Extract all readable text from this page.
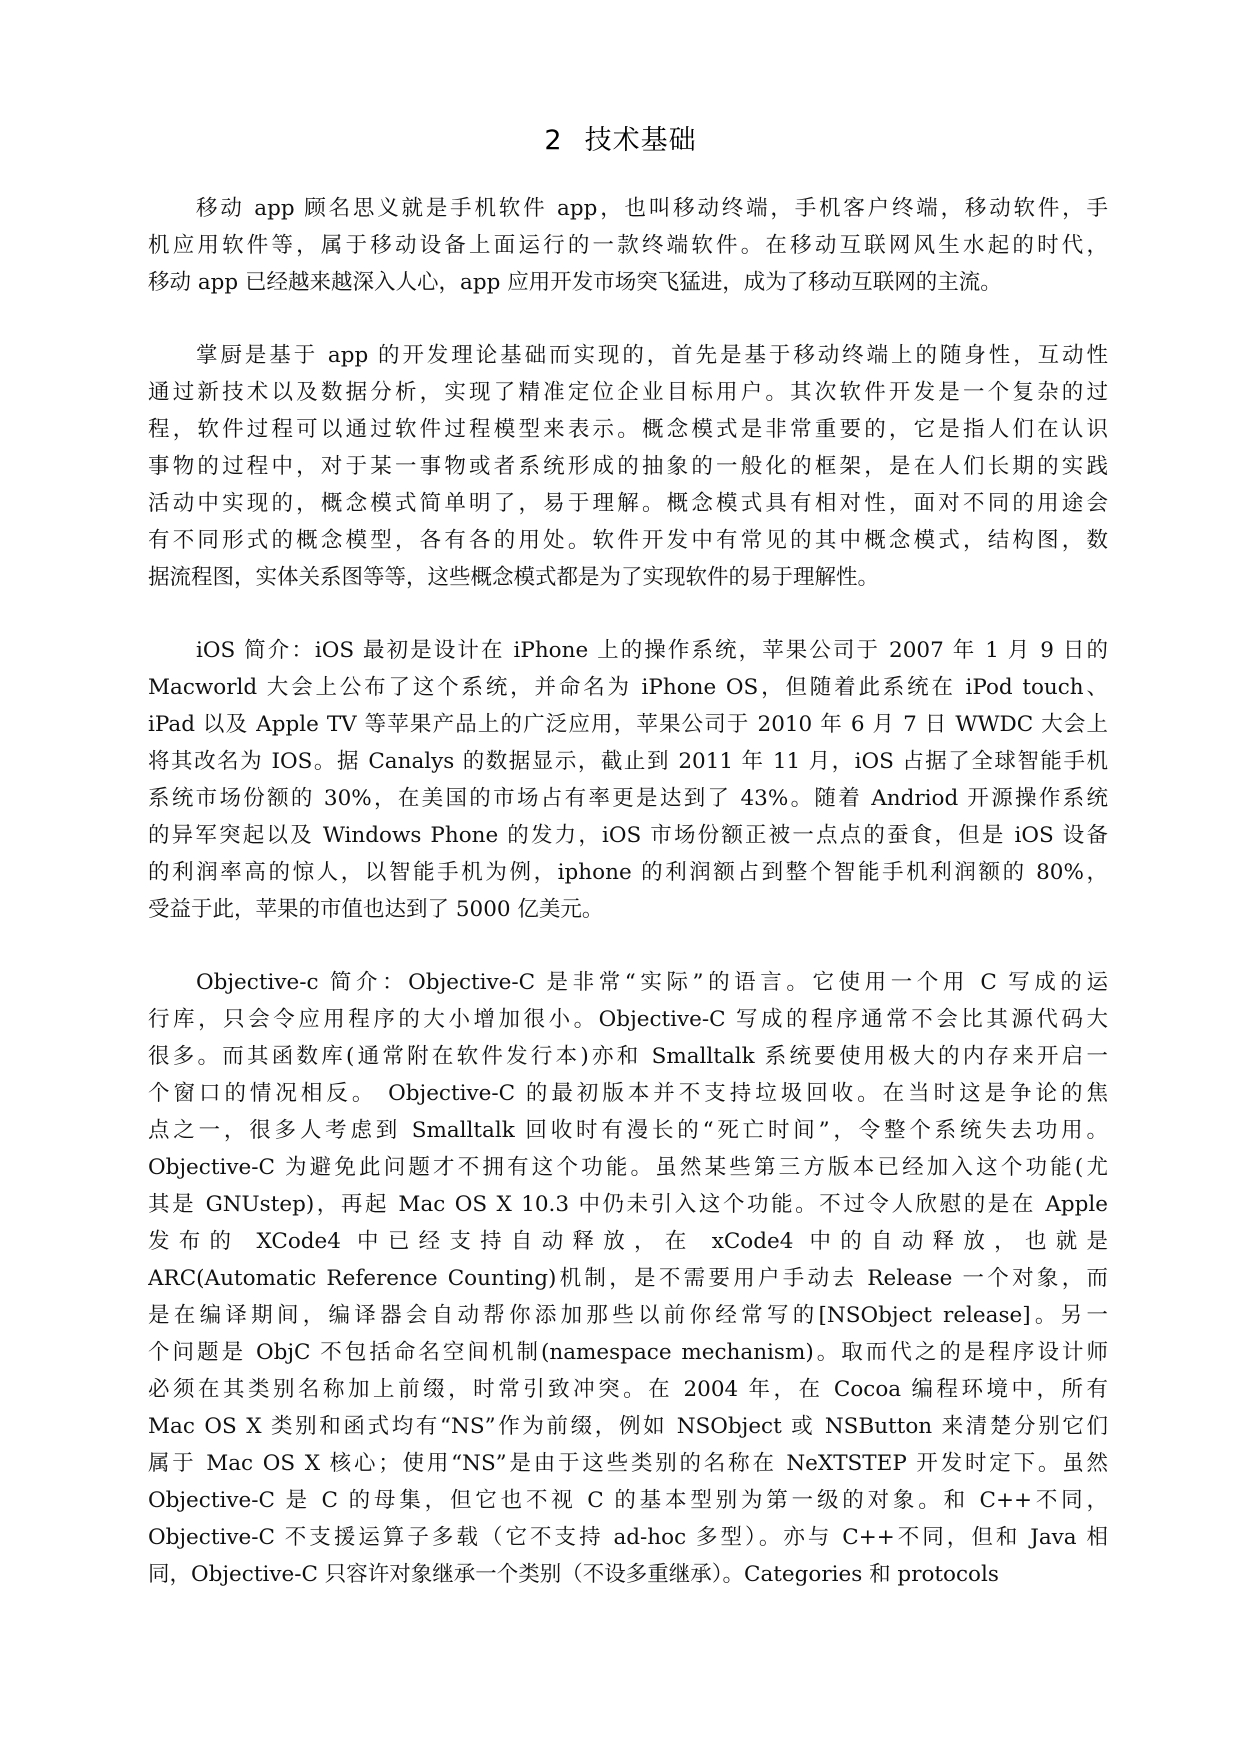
2 技术基础
移动 app 顾名思义就是手机软件 app，也叫移动终端，手机客户终端，移动软件，手
机应用软件等，属于移动设备上面运行的一款终端软件。在移动互联网风生水起的时代，
移动 app 已经越来越深入人心，app 应用开发市场突飞猛进，成为了移动互联网的主流。
掌厨是基于 app 的开发理论基础而实现的，首先是基于移动终端上的随身性，互动性
通过新技术以及数据分析，实现了精准定位企业目标用户。其次软件开发是一个复杂的过
程，软件过程可以通过软件过程模型来表示。概念模式是非常重要的，它是指人们在认识
事物的过程中，对于某一事物或者系统形成的抽象的一般化的框架，是在人们长期的实践
活动中实现的，概念模式简单明了，易于理解。概念模式具有相对性，面对不同的用途会
有不同形式的概念模型，各有各的用处。软件开发中有常见的其中概念模式，结构图，数
据流程图，实体关系图等等，这些概念模式都是为了实现软件的易于理解性。
iOS 简介：iOS 最初是设计在 iPhone 上的操作系统，苹果公司于 2007 年 1 月 9 日的
Macworld 大会上公布了这个系统，并命名为 iPhone OS，但随着此系统在 iPod touch、
iPad 以及 Apple TV 等苹果产品上的广泛应用，苹果公司于 2010 年 6 月 7 日 WWDC 大会上
将其改名为 IOS。据 Canalys 的数据显示，截止到 2011 年 11 月，iOS 占据了全球智能手机
系统市场份额的 30%，在美国的市场占有率更是达到了 43%。随着 Andriod 开源操作系统
的异军突起以及 Windows Phone 的发力，iOS 市场份额正被一点点的蚕食，但是 iOS 设备
的利润率高的惊人，以智能手机为例，iphone 的利润额占到整个智能手机利润额的 80%，
受益于此，苹果的市值也达到了 5000 亿美元。
Objective-c 简介：Objective-C 是非常“实际”的语言。它使用一个用 C 写成的运
行库，只会令应用程序的大小增加很小。Objective-C 写成的程序通常不会比其源代码大
很多。而其函数库(通常附在软件发行本)亦和 Smalltalk 系统要使用极大的内存来开启一
个窗口的情况相反。 Objective-C 的最初版本并不支持垃圾回收。在当时这是争论的焦
点之一，很多人考虑到 Smalltalk 回收时有漫长的“死亡时间”，令整个系统失去功用。
Objective-C 为避免此问题才不拥有这个功能。虽然某些第三方版本已经加入这个功能(尤
其是 GNUstep)，再起 Mac OS X 10.3 中仍未引入这个功能。不过令人欣慰的是在 Apple
发布的 XCode4 中已经支持自动释放，在 xCode4 中的自动释放，也就是
ARC(Automatic Reference Counting)机制，是不需要用户手动去 Release 一个对象，而
是在编译期间，编译器会自动帮你添加那些以前你经常写的[NSObject release]。另一
个问题是 ObjC 不包括命名空间机制(namespace mechanism)。取而代之的是程序设计师
必须在其类别名称加上前缀，时常引致冲突。在 2004 年，在 Cocoa 编程环境中，所有
Mac OS X 类别和函式均有“NS”作为前缀，例如 NSObject 或 NSButton 来清楚分别它们
属于 Mac OS X 核心；使用“NS”是由于这些类别的名称在 NeXTSTEP 开发时定下。虽然
Objective-C 是 C 的母集，但它也不视 C 的基本型别为第一级的对象。和 C++不同，
Objective-C 不支援运算子多载（它不支持 ad-hoc 多型）。亦与 C++不同，但和 Java 相
同，Objective-C 只容许对象继承一个类别（不设多重继承）。Categories 和 protocols
